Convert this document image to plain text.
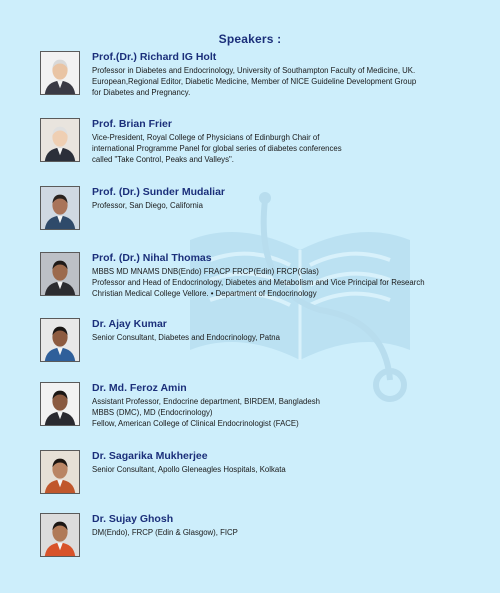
Speakers :
Prof.(Dr.) Richard IG Holt
Professor in Diabetes and Endocrinology, University of Southampton Faculty of Medicine, UK.
European,Regional Editor, Diabetic Medicine, Member of NICE Guideline Development Group
for Diabetes and Pregnancy.
Prof. Brian Frier
Vice-President, Royal College of Physicians of Edinburgh Chair of
international Programme Panel for global series of diabetes conferences
called "Take Control, Peaks and Valleys".
Prof. (Dr.) Sunder Mudaliar
Professor, San Diego, California
Prof. (Dr.) Nihal Thomas
MBBS MD MNAMS DNB(Endo) FRACP FRCP(Edin) FRCP(Glas)
Professor and Head of Endocrinology, Diabetes and Metabolism and Vice Principal for Research
Christian Medical College Vellore. • Department of Endocrinology
Dr. Ajay Kumar
Senior Consultant, Diabetes and Endocrinology, Patna
Dr. Md. Feroz Amin
Assistant Professor, Endocrine department, BIRDEM, Bangladesh
MBBS (DMC), MD (Endocrinology)
Fellow, American College of Clinical Endocrinologist (FACE)
Dr. Sagarika Mukherjee
Senior Consultant, Apollo Gleneagles Hospitals, Kolkata
Dr. Sujay Ghosh
DM(Endo), FRCP (Edin & Glasgow), FICP
